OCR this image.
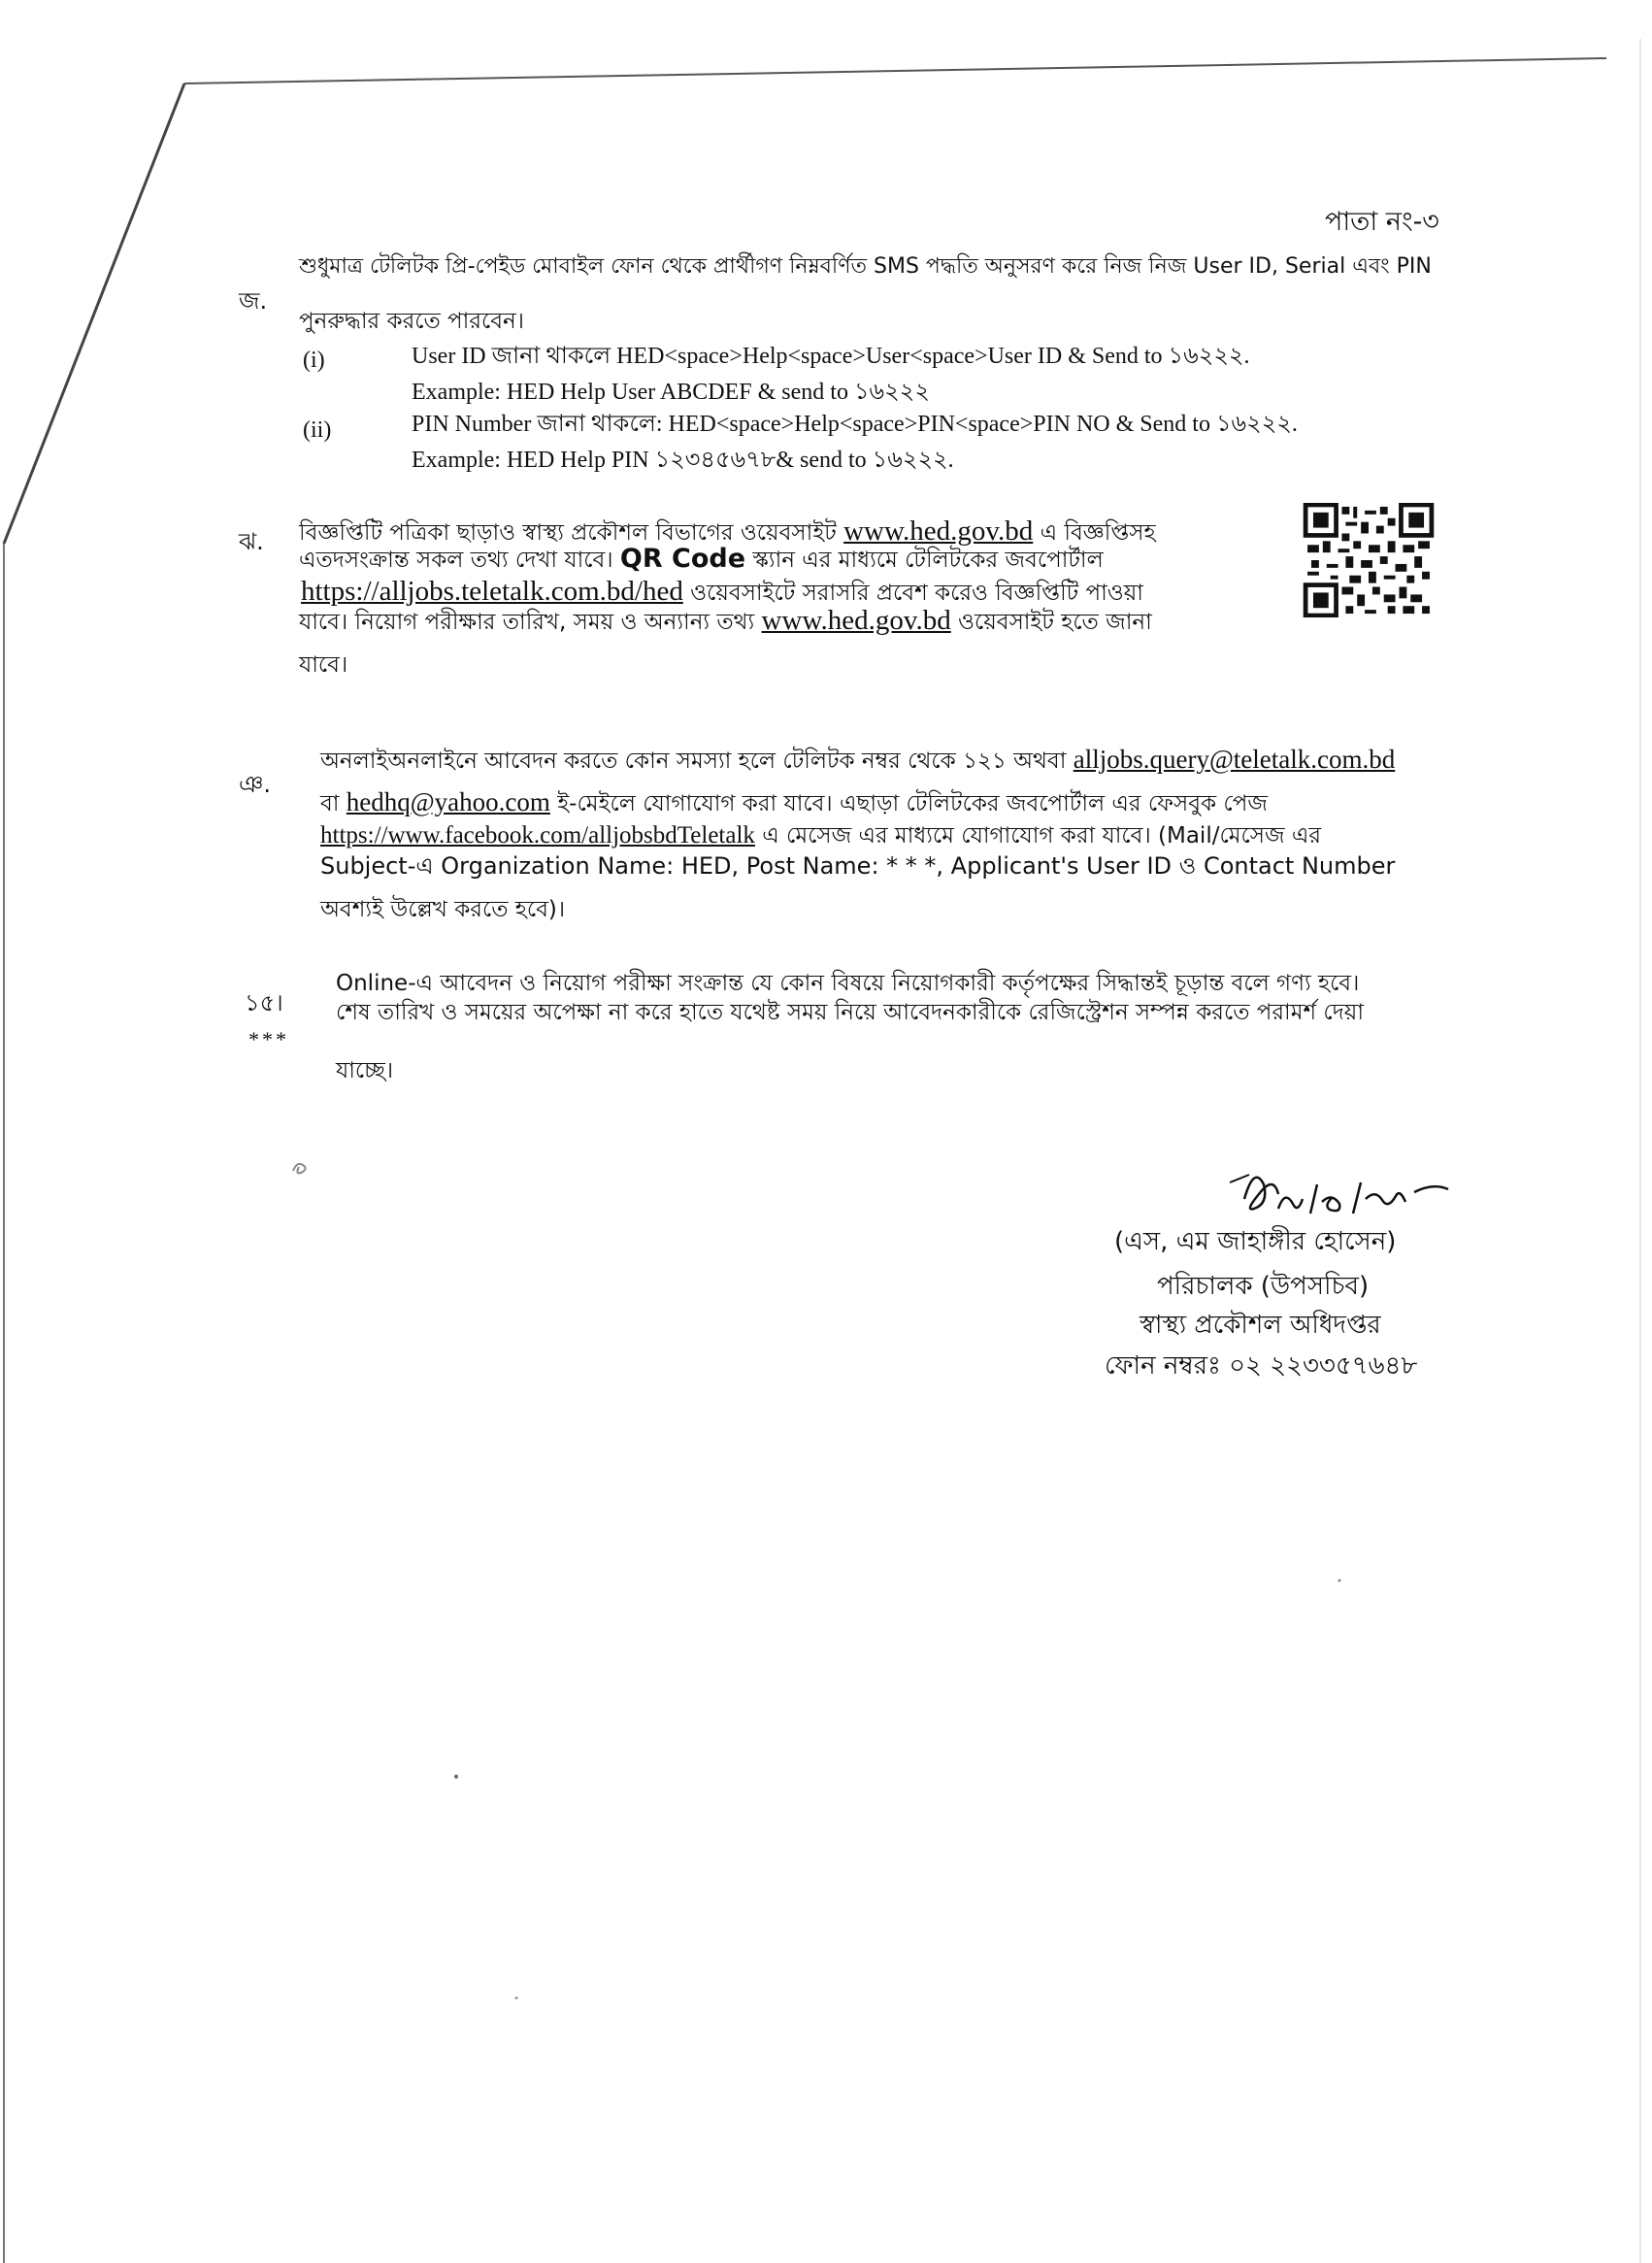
পাতা নং-৩
জ.
শুধুমাত্র টেলিটক প্রি-পেইড মোবাইল ফোন থেকে প্রার্থীগণ নিম্নবর্ণিত SMS পদ্ধতি অনুসরণ করে নিজ নিজ User ID, Serial এবং PIN
পুনরুদ্ধার করতে পারবেন।
(i)	User ID জানা থাকলে HED<space>Help<space>User<space>User ID & Send to ১৬২২২.
Example: HED Help User ABCDEF & send to ১৬২২২
(ii)	PIN Number জানা থাকলে: HED<space>Help<space>PIN<space>PIN NO & Send to ১৬২২২.
Example: HED Help PIN ১২৩৪৫৬৭৮& send to ১৬২২২.
ঝ. বিজ্ঞপ্তিটি পত্রিকা ছাড়াও স্বাস্থ্য প্রকৌশল বিভাগের ওয়েবসাইট www.hed.gov.bd এ বিজ্ঞপ্তিসহ
এতদসংক্রান্ত সকল তথ্য দেখা যাবে। QR Code স্ক্যান এর মাধ্যমে টেলিটকের জবপোর্টাল
https://alljobs.teletalk.com.bd/hed ওয়েবসাইটে সরাসরি প্রবেশ করেও বিজ্ঞপ্তিটি পাওয়া
যাবে। নিয়োগ পরীক্ষার তারিখ, সময় ও অন্যান্য তথ্য www.hed.gov.bd ওয়েবসাইট হতে জানা
যাবে।
ঞ.
অনলাইঅনলাইনে আবেদন করতে কোন সমস্যা হলে টেলিটক নম্বর থেকে ১২১ অথবা alljobs.query@teletalk.com.bd
বা hedhq@yahoo.com ই-মেইলে যোগাযোগ করা যাবে। এছাড়া টেলিটকের জবপোর্টাল এর ফেসবুক পেজ
https://www.facebook.com/alljobsbdTeletalk এ মেসেজ এর মাধ্যমে যোগাযোগ করা যাবে। (Mail/মেসেজ এর
Subject-এ Organization Name: HED, Post Name: * * *, Applicant's User ID ও Contact Number
অবশ্যই উল্লেখ করতে হবে)।
১৫।
Online-এ আবেদন ও নিয়োগ পরীক্ষা সংক্রান্ত যে কোন বিষয়ে নিয়োগকারী কর্তৃপক্ষের সিদ্ধান্তই চূড়ান্ত বলে গণ্য হবে।
***
শেষ তারিখ ও সময়ের অপেক্ষা না করে হাতে যথেষ্ট সময় নিয়ে আবেদনকারীকে রেজিস্ট্রেশন সম্পন্ন করতে পরামর্শ দেয়া
যাচ্ছে।
(এস, এম জাহাঙ্গীর হোসেন)
পরিচালক (উপসচিব)
স্বাস্থ্য প্রকৌশল অধিদপ্তর
ফোন নম্বরঃ ০২ ২২৩৩৫৭৬৪৮
